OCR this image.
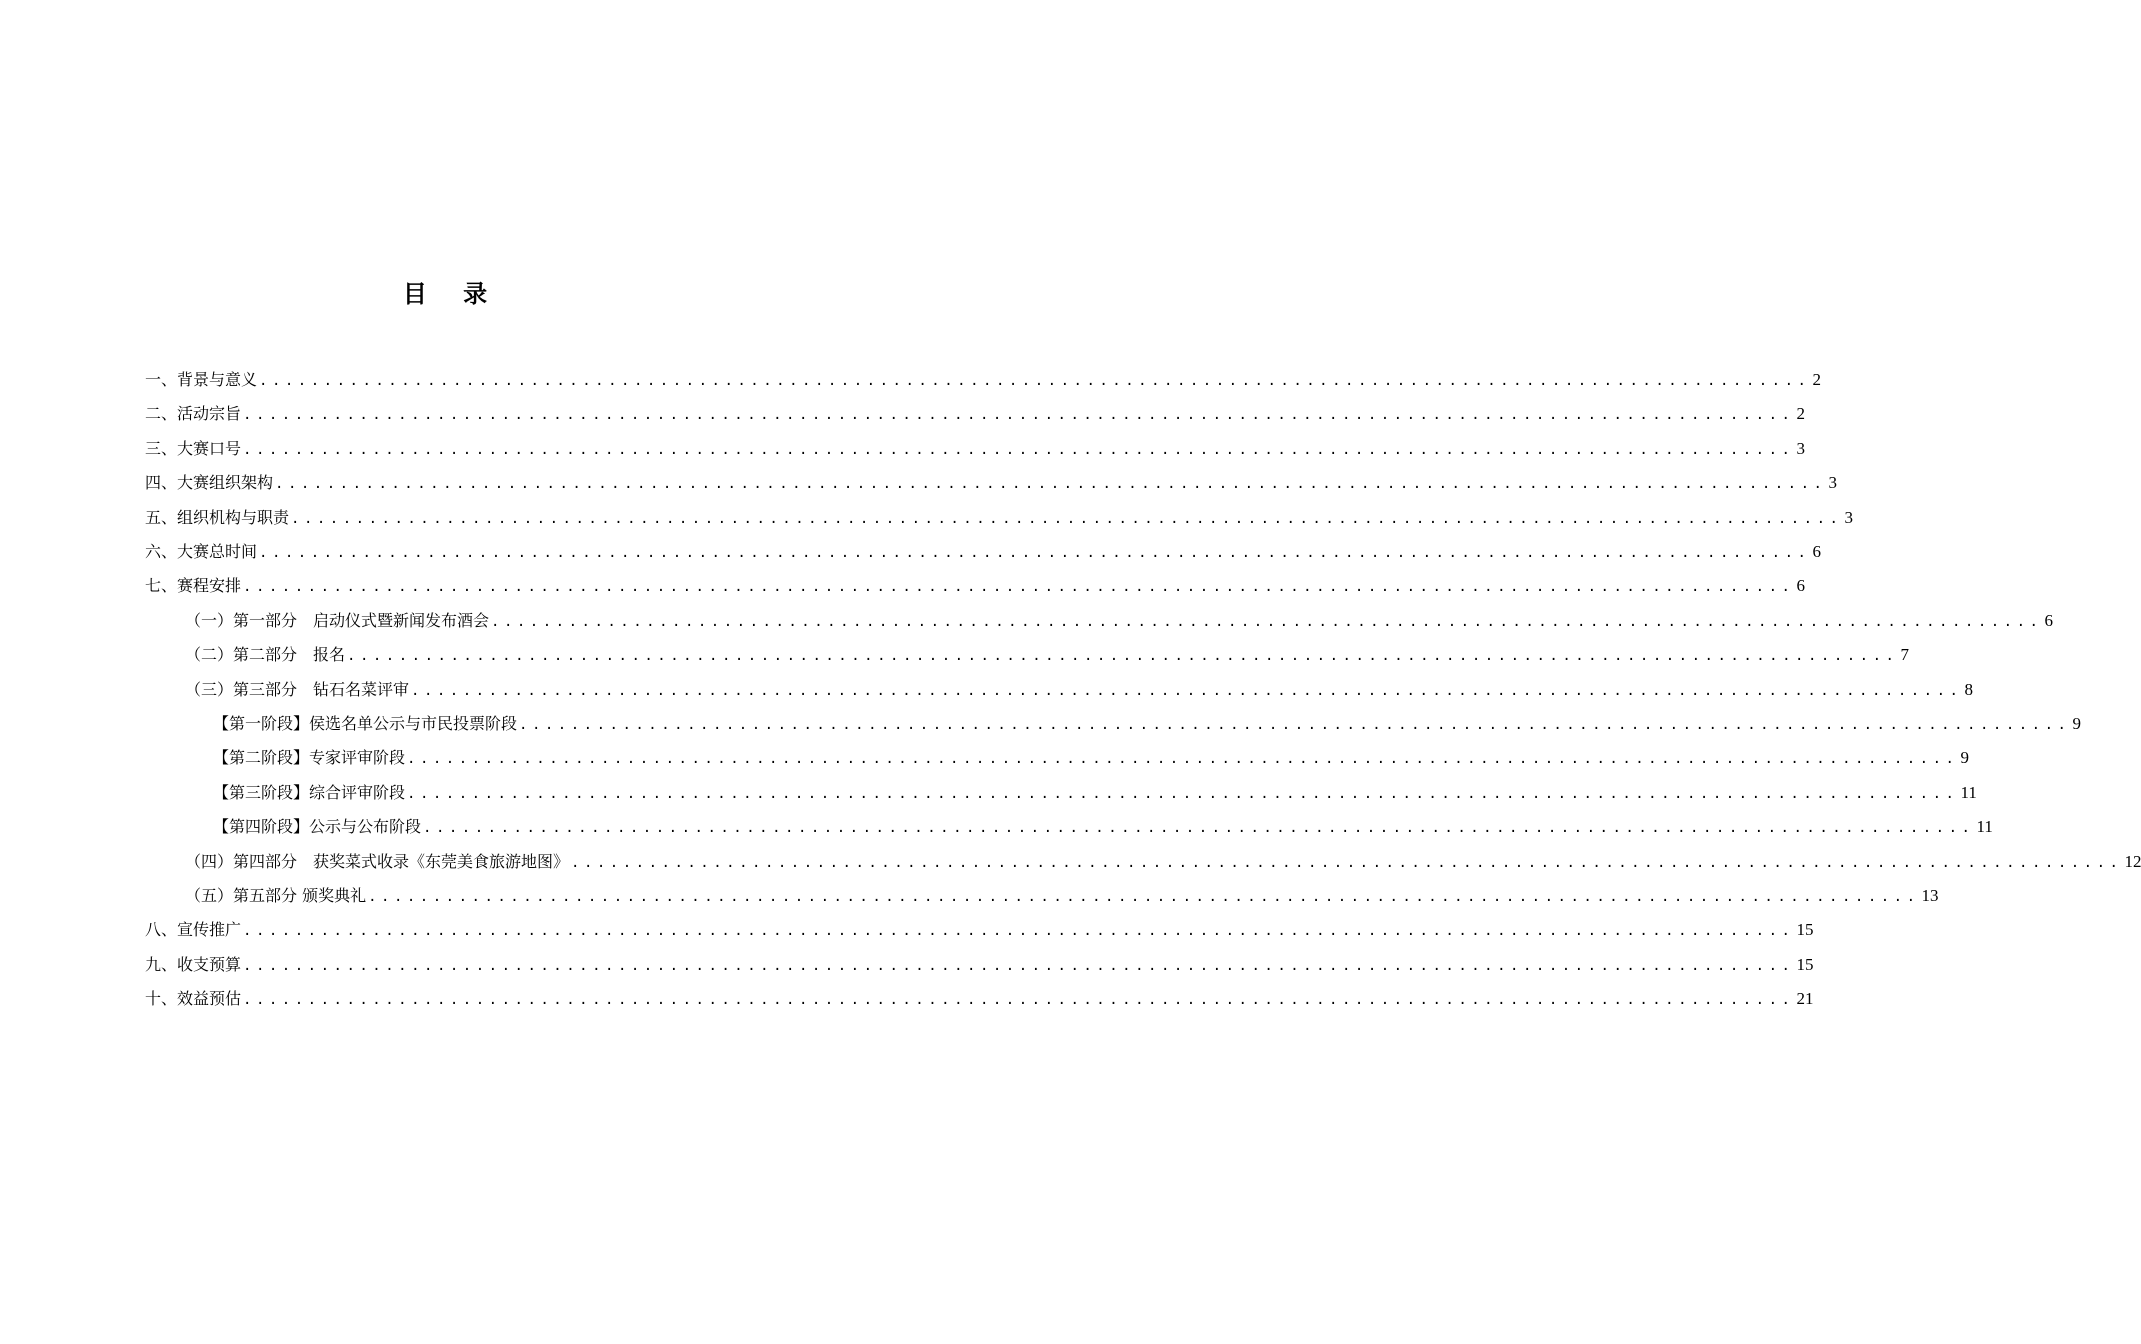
目 录
一、背景与意义 ........................................................................................................................ 2
二、活动宗旨 ........................................................................................................................ 2
三、大赛口号 ........................................................................................................................ 3
四、大赛组织架构 ........................................................................................................................ 3
五、组织机构与职责 ........................................................................................................................ 3
六、大赛总时间 ........................................................................................................................ 6
七、赛程安排 ........................................................................................................................ 6
（一）第一部分　启动仪式暨新闻发布酒会 ........................................................................................................................ 6
（二）第二部分　报名 ........................................................................................................................ 7
（三）第三部分　钻石名菜评审 ........................................................................................................................ 8
【第一阶段】侯选名单公示与市民投票阶段 ........................................................................................................................ 9
【第二阶段】专家评审阶段 ........................................................................................................................ 9
【第三阶段】综合评审阶段 ........................................................................................................................ 11
【第四阶段】公示与公布阶段 ........................................................................................................................ 11
（四）第四部分　获奖菜式收录《东莞美食旅游地图》 ........................................................................................................................ 12
（五）第五部分 颁奖典礼 ........................................................................................................................ 13
八、宣传推广 ........................................................................................................................ 15
九、收支预算 ........................................................................................................................ 15
十、效益预估 ........................................................................................................................ 21
